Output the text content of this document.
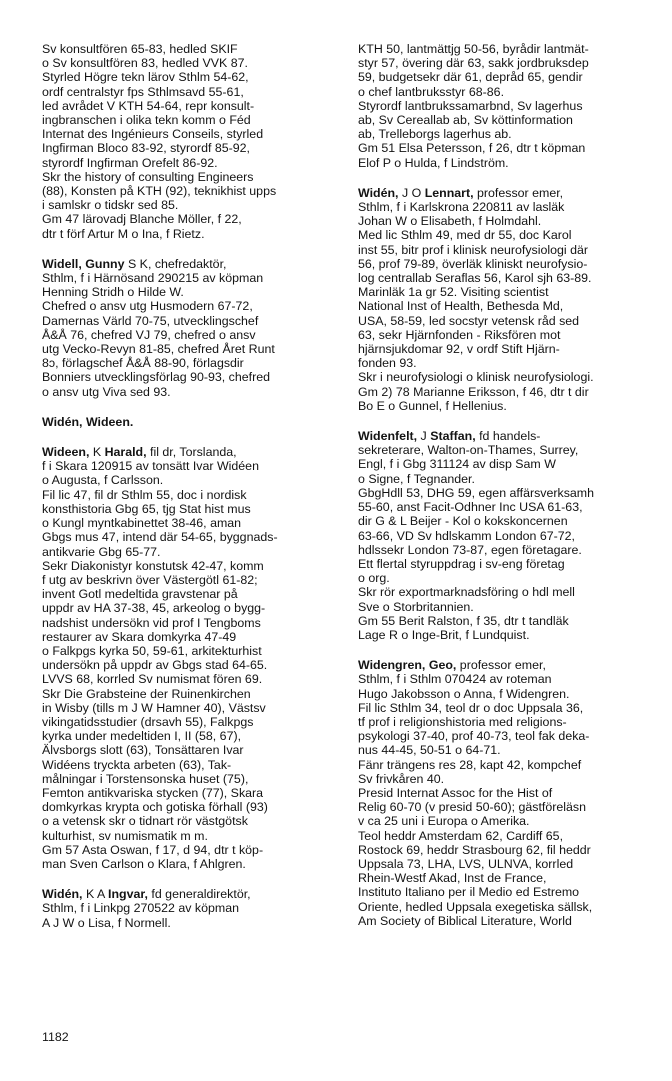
Sv konsultfören 65-83, hedled SKIF
o Sv konsultfören 83, hedled VVK 87.
Styrled Högre tekn lärov Sthlm 54-62,
ordf centralstyr fps Sthlmsavd 55-61,
led avrådet V KTH 54-64, repr konsult-
ingbranschen i olika tekn komm o Féd
Internat des Ingénieurs Conseils, styrled
Ingfirman Bloco 83-92, styrordf 85-92,
styrordf Ingfirman Orefelt 86-92.
Skr the history of consulting Engineers
(88), Konsten på KTH (92), teknikhist upps
i samlskr o tidskr sed 85.
Gm 47 lärovadj Blanche Möller, f 22,
dtr t förf Artur M o Ina, f Rietz.
Widell, Gunny S K, chefredaktör,
Sthlm, f i Härnösand 290215 av köpman
Henning Stridh o Hilde W.
Chefred o ansv utg Husmodern 67-72,
Damernas Värld 70-75, utvecklingschef
Å&Å 76, chefred VJ 79, chefred o ansv
utg Vecko-Revyn 81-85, chefred Året Runt
8ɔ, förlagschef Å&Å 88-90, förlagsdir
Bonniers utvecklingsförlag 90-93, chefred
o ansv utg Viva sed 93.
Widén, Wideen.
Wideen, K Harald, fil dr, Torslanda,
f i Skara 120915 av tonsätt Ivar Widéen
o Augusta, f Carlsson.
Fil lic 47, fil dr Sthlm 55, doc i nordisk
konsthistoria Gbg 65, tjg Stat hist mus
o Kungl myntkabinettet 38-46, aman
Gbgs mus 47, intend där 54-65, byggnads-
antikvarie Gbg 65-77.
Sekr Diakonistyr konstutsk 42-47, komm
f utg av beskrivn över Västergötl 61-82;
invent Gotl medeltida gravstenar på
uppdr av HA 37-38, 45, arkeolog o bygg-
nadshist undersökn vid prof I Tengboms
restaurer av Skara domkyrka 47-49
o Falkpgs kyrka 50, 59-61, arkitekturhist
undersökn på uppdr av Gbgs stad 64-65.
LVVS 68, korrled Sv numismat fören 69.
Skr Die Grabsteine der Ruinenkirchen
in Wisby (tills m J W Hamner 40), Västsv
vikingatidsstudier (drsavh 55), Falkpgs
kyrka under medeltiden I, II (58, 67),
Älvsborgs slott (63), Tonsättaren Ivar
Widéens tryckta arbeten (63), Tak-
målningar i Torstensonska huset (75),
Femton antikvariska stycken (77), Skara
domkyrkas krypta och gotiska förhall (93)
o a vetensk skr o tidnart rör västgötsk
kulturhist, sv numismatik m m.
Gm 57 Asta Oswan, f 17, d 94, dtr t köp-
man Sven Carlson o Klara, f Ahlgren.
Widén, K A Ingvar, fd generaldirektör,
Sthlm, f i Linkpg 270522 av köpman
A J W o Lisa, f Normell.
KTH 50, lantmättjg 50-56, byrådir lantmät-
styr 57, övering där 63, sakk jordbruksdep
59, budgetsekr där 61, depråd 65, gendir
o chef lantbruksstyr 68-86.
Styrordf lantbrukssamarbnd, Sv lagerhus
ab, Sv Cereallab ab, Sv köttinformation
ab, Trelleborgs lagerhus ab.
Gm 51 Elsa Petersson, f 26, dtr t köpman
Elof P o Hulda, f Lindström.
Widén, J O Lennart, professor emer,
Sthlm, f i Karlskrona 220811 av lasläk
Johan W o Elisabeth, f Holmdahl.
Med lic Sthlm 49, med dr 55, doc Karol
inst 55, bitr prof i klinisk neurofysiologi där
56, prof 79-89, överläk kliniskt neurofysio-
log centrallab Seraflas 56, Karol sjh 63-89.
Marinläk 1a gr 52. Visiting scientist
National Inst of Health, Bethesda Md,
USA, 58-59, led socstyr vetensk råd sed
63, sekr Hjärnfonden - Riksfören mot
hjärnsjukdomar 92, v ordf Stift Hjärn-
fonden 93.
Skr i neurofysiologi o klinisk neurofysiologi.
Gm 2) 78 Marianne Eriksson, f 46, dtr t dir
Bo E o Gunnel, f Hellenius.
Widenfelt, J Staffan, fd handels-
sekreterare, Walton-on-Thames, Surrey,
Engl, f i Gbg 311124 av disp Sam W
o Signe, f Tegnander.
GbgHdll 53, DHG 59, egen affärsverksamh
55-60, anst Facit-Odhner Inc USA 61-63,
dir G & L Beijer - Kol o kokskoncernen
63-66, VD Sv hdlskamm London 67-72,
hdlssekr London 73-87, egen företagare.
Ett flertal styruppdrag i sv-eng företag
o org.
Skr rör exportmarknadsföring o hdl mell
Sve o Storbritannien.
Gm 55 Berit Ralston, f 35, dtr t tandläk
Lage R o Inge-Brit, f Lundquist.
Widengren, Geo, professor emer,
Sthlm, f i Sthlm 070424 av roteman
Hugo Jakobsson o Anna, f Widengren.
Fil lic Sthlm 34, teol dr o doc Uppsala 36,
tf prof i religionshistoria med religions-
psykologi 37-40, prof 40-73, teol fak deka-
nus 44-45, 50-51 o 64-71.
Fänr trängens res 28, kapt 42, kompchef
Sv frivkåren 40.
Presid Internat Assoc for the Hist of
Relig 60-70 (v presid 50-60); gästföreläsn
v ca 25 uni i Europa o Amerika.
Teol heddr Amsterdam 62, Cardiff 65,
Rostock 69, heddr Strasbourg 62, fil heddr
Uppsala 73, LHA, LVS, ULNVA, korrled
Rhein-Westf Akad, Inst de France,
Instituto Italiano per il Medio ed Estremo
Oriente, hedled Uppsala exegetiska sällsk,
Am Society of Biblical Literature, World
1182
